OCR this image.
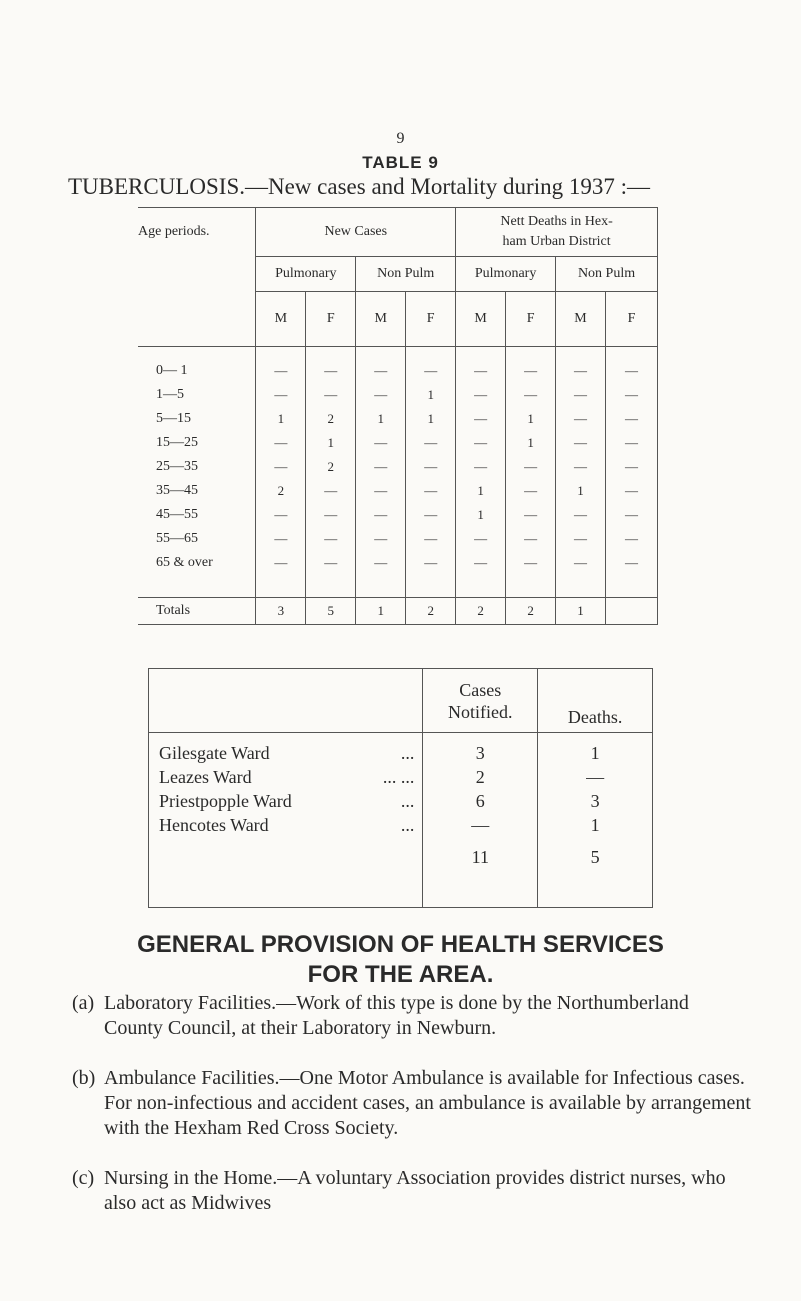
9
TABLE 9
TUBERCULOSIS.—New cases and Mortality during 1937 :—
Age periods.	New Cases				Nett Deaths in Hex-
ham Urban District			
	Pulmonary		Non Pulm		Pulmonary		Non Pulm	
	M	F	M	F	M	F	M	F

0— 1	—	—	—	—	—	—	—	—
1—5	—	—	—	1	—	—	—	—
5—15	1	2	1	1	—	1	—	—
15—25	—	1	—	—	—	1	—	—
25—35	—	2	—	—	—	—	—	—
35—45	2	—	—	—	1	—	1	—
45—55	—	—	—	—	1	—	—	—
55—65	—	—	—	—	—	—	—	—
65 & over	—	—	—	—	—	—	—	—

Totals	3	5	1	2	2	2	1	
	Cases
Notified.	Deaths.

Gilesgate Ward ...	3	1
Leazes Ward ... ...	2	—
Priestpopple Ward ...	6	3
Hencotes Ward ...	—	1
	11	5
GENERAL PROVISION OF HEALTH SERVICES
FOR THE AREA.
(a) Laboratory Facilities.—Work of this type is done by the Northumberland County Council, at their Laboratory in Newburn.
(b) Ambulance Facilities.—One Motor Ambulance is available for Infectious cases. For non-infectious and accident cases, an ambulance is available by arrangement with the Hexham Red Cross Society.
(c) Nursing in the Home.—A voluntary Association provides district nurses, who also act as Midwives
